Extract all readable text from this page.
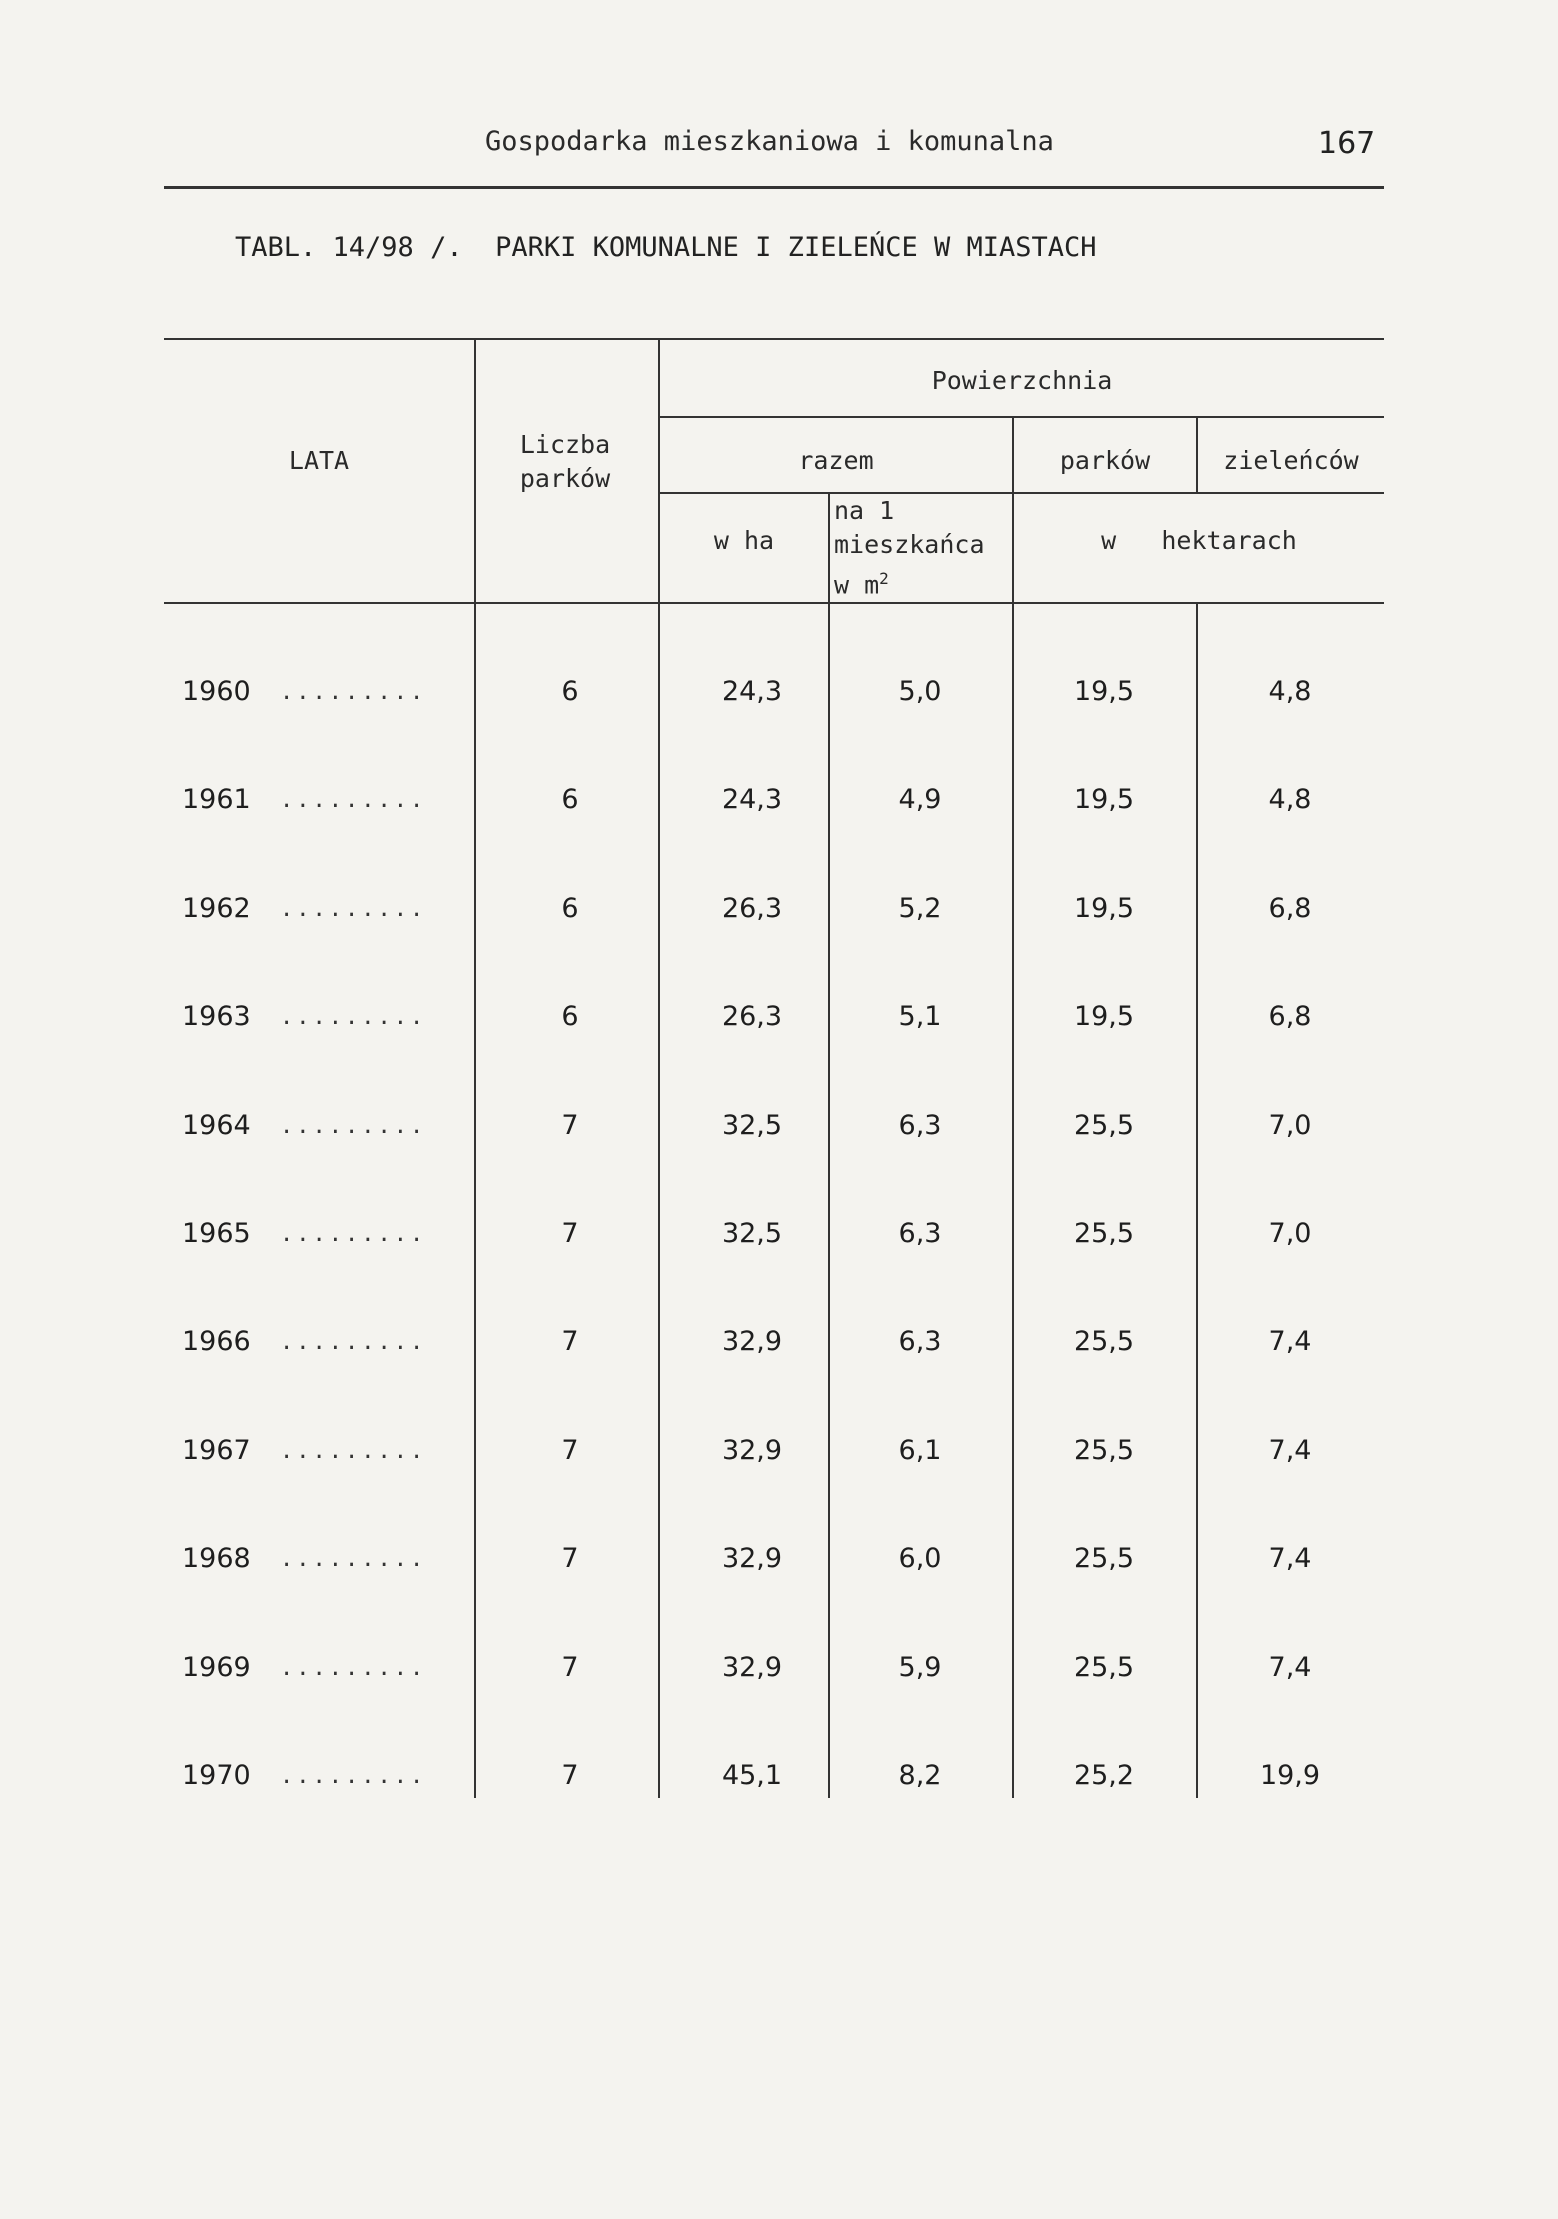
Gospodarka mieszkaniowa i komunalna	167
TABL. 14/98 /.  PARKI KOMUNALNE I ZIELEŃCE W MIASTACH
LATA
Liczba parków
Powierzchnia
razem	parków	zieleńców
w ha
na 1 mieszkańca w $m^2$
w   hektarach
1960	.........	6	24,3	5,0	19,5	4,8
1961	.........	6	24,3	4,9	19,5	4,8
1962	.........	6	26,3	5,2	19,5	6,8
1963	.........	6	26,3	5,1	19,5	6,8
1964	.........	7	32,5	6,3	25,5	7,0
1965	.........	7	32,5	6,3	25,5	7,0
1966	.........	7	32,9	6,3	25,5	7,4
1967	.........	7	32,9	6,1	25,5	7,4
1968	.........	7	32,9	6,0	25,5	7,4
1969	.........	7	32,9	5,9	25,5	7,4
1970	.........	7	45,1	8,2	25,2	19,9
